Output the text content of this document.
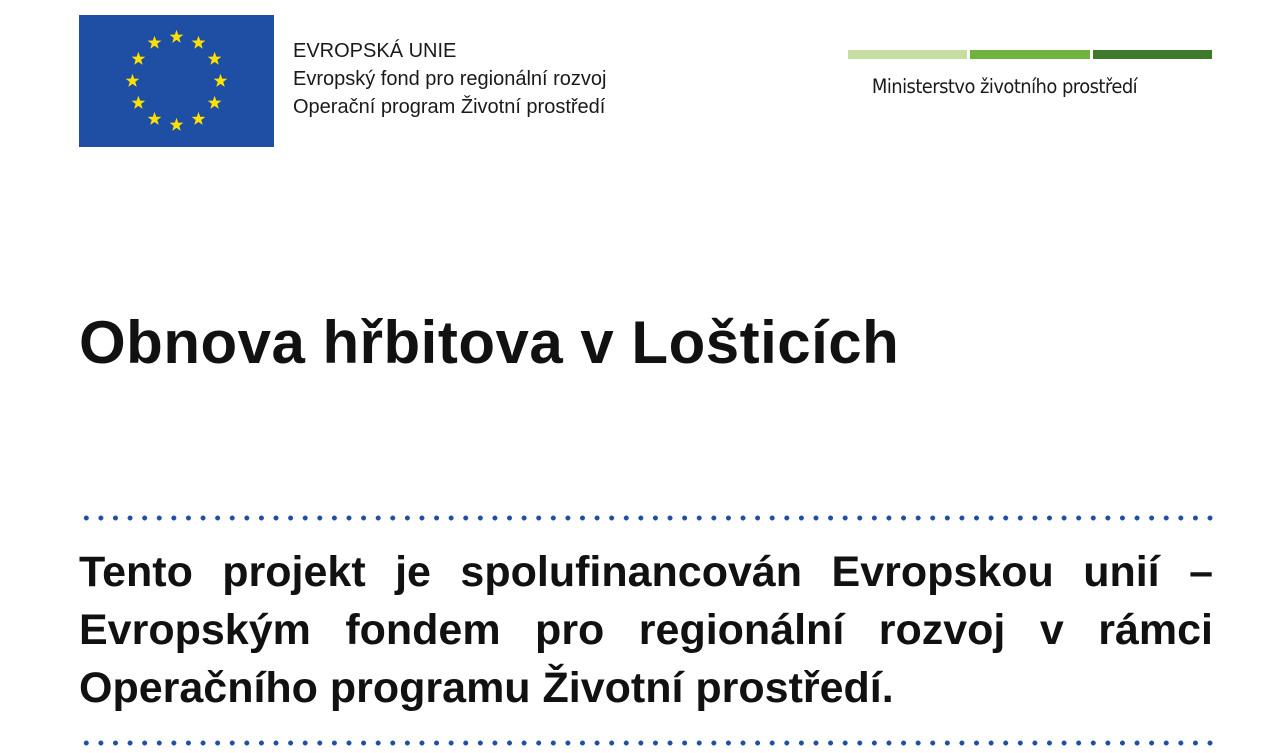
EVROPSKÁ UNIE
Evropský fond pro regionální rozvoj
Operační program Životní prostředí
Ministerstvo životního prostředí
Obnova hřbitova v Lošticích

Tento projekt je spolufinancován Evropskou unií – Evropským fondem pro regionální rozvoj v rámci Operačního programu Životní prostředí.
